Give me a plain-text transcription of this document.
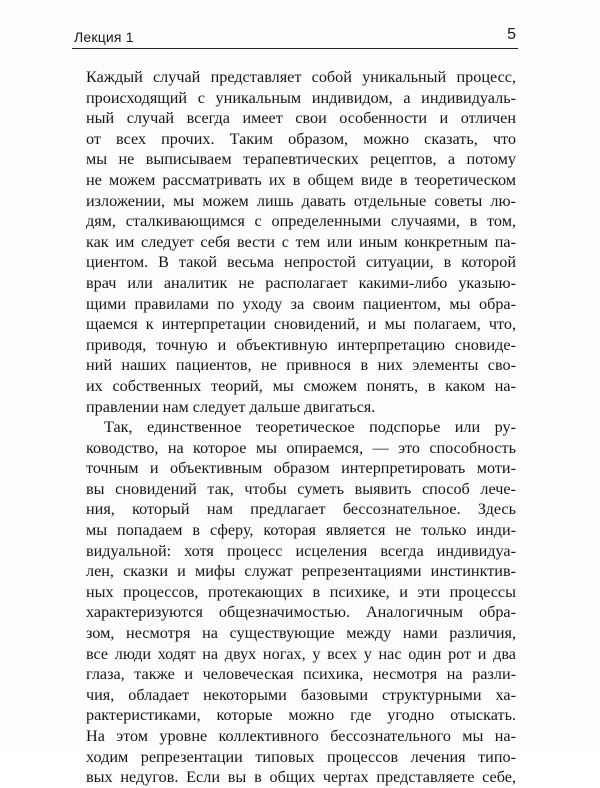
Лекция 1	5
Каждый случай представляет собой уникальный процесс,
происходящий с уникальным индивидом, а индивидуаль-
ный случай всегда имеет свои особенности и отличен
от всех прочих. Таким образом, можно сказать, что
мы не выписываем терапевтических рецептов, а потому
не можем рассматривать их в общем виде в теоретическом
изложении, мы можем лишь давать отдельные советы лю-
дям, сталкивающимся с определенными случаями, в том,
как им следует себя вести с тем или иным конкретным па-
циентом. В такой весьма непростой ситуации, в которой
врач или аналитик не располагает какими-либо указыю-
щими правилами по уходу за своим пациентом, мы обра-
щаемся к интерпретации сновидений, и мы полагаем, что,
приводя, точную и объективную интерпретацию сновиде-
ний наших пациентов, не привнося в них элементы сво-
их собственных теорий, мы сможем понять, в каком на-
правлении нам следует дальше двигаться.
Так, единственное теоретическое подспорье или ру-
ководство, на которое мы опираемся, — это способность
точным и объективным образом интерпретировать моти-
вы сновидений так, чтобы суметь выявить способ лече-
ния, который нам предлагает бессознательное. Здесь
мы попадаем в сферу, которая является не только инди-
видуальной: хотя процесс исцеления всегда индивидуа-
лен, сказки и мифы служат репрезентациями инстинктив-
ных процессов, протекающих в психике, и эти процессы
характеризуются общезначимостью. Аналогичным обра-
зом, несмотря на существующие между нами различия,
все люди ходят на двух ногах, у всех у нас один рот и два
глаза, также и человеческая психика, несмотря на разли-
чия, обладает некоторыми базовыми структурными ха-
рактеристиками, которые можно где угодно отыскать.
На этом уровне коллективного бессознательного мы на-
ходим репрезентации типовых процессов лечения типо-
вых недугов. Если вы в общих чертах представляете себе,
